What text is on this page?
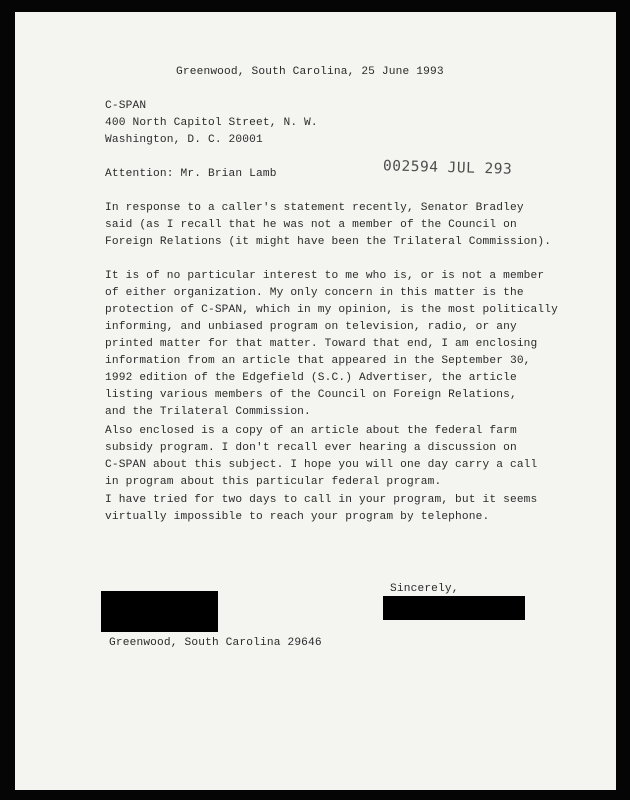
Greenwood, South Carolina, 25 June 1993
C-SPAN
400 North Capitol Street, N. W.
Washington, D. C. 20001
002594 JUL 293
Attention: Mr. Brian Lamb
In response to a caller's statement recently, Senator Bradley
said (as I recall that he was not a member of the Council on
Foreign Relations (it might have been the Trilateral Commission).
It is of no particular interest to me who is, or is not a member
of either organization. My only concern in this matter is the
protection of C-SPAN, which in my opinion, is the most politically
informing, and unbiased program on television, radio, or any
printed matter for that matter. Toward that end, I am enclosing
information from an article that appeared in the September 30,
1992 edition of the Edgefield (S.C.) Advertiser, the article
listing various members of the Council on Foreign Relations,
and the Trilateral Commission.
Also enclosed is a copy of an article about the federal farm
subsidy program. I don't recall ever hearing a discussion on
C-SPAN about this subject. I hope you will one day carry a call
in program about this particular federal program.
I have tried for two days to call in your program, but it seems
virtually impossible to reach your program by telephone.
Sincerely,
Greenwood, South Carolina 29646
